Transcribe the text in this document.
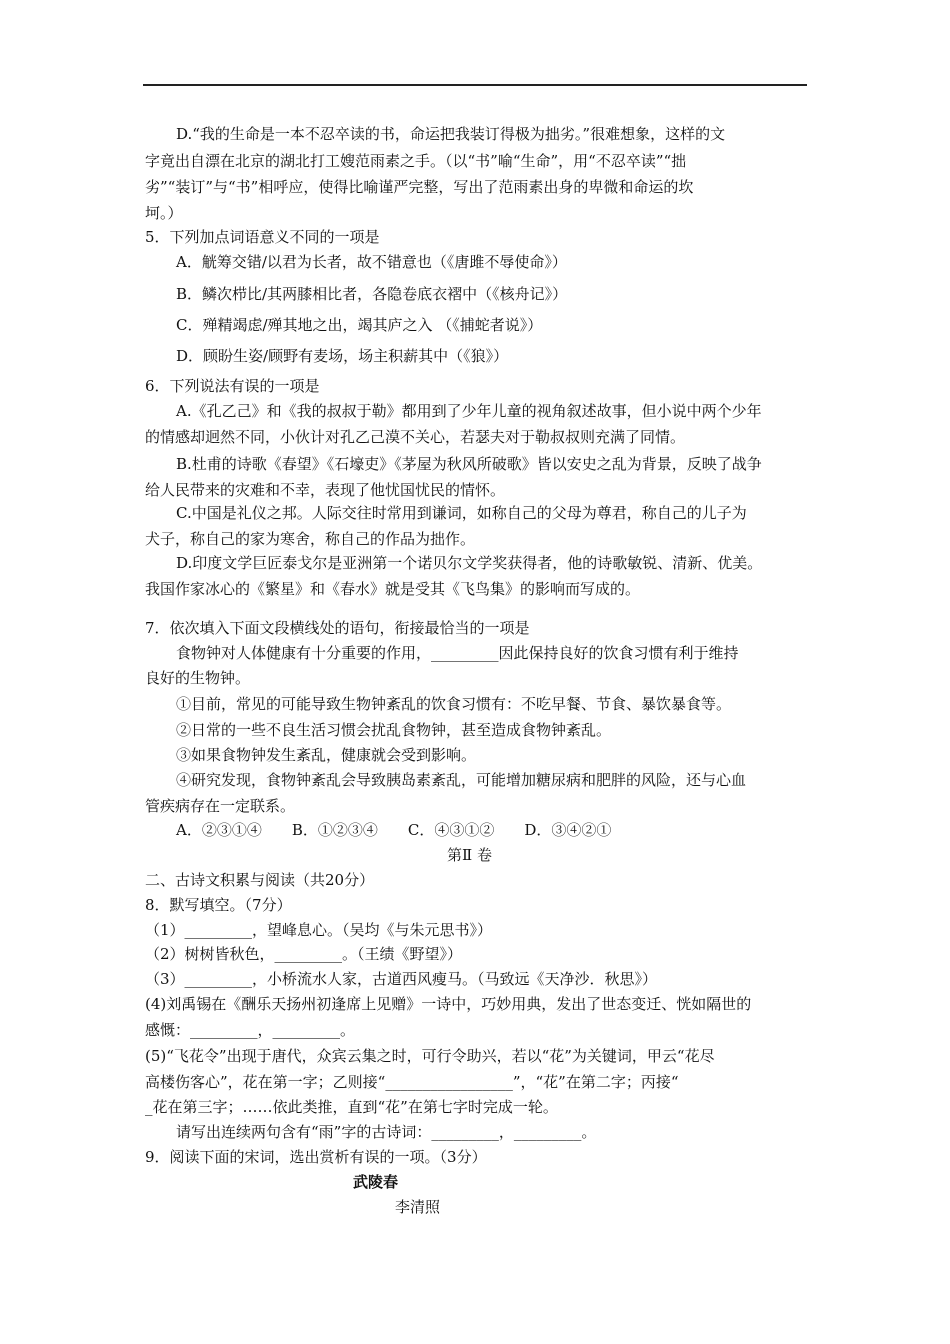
D.“我的生命是一本不忍卒读的书，命运把我装订得极为拙劣。”很难想象，这样的文
字竟出自漂在北京的湖北打工嫂范雨素之手。（以“书”喻“生命”，用“不忍卒读”“拙
劣”“装订”与“书”相呼应，使得比喻谨严完整，写出了范雨素出身的卑微和命运的坎
坷。）
5．下列加点词语意义不同的一项是
A．觥筹交错/以君为长者，故不错意也（《唐雎不辱使命》）
B．鳞次栉比/其两膝相比者，各隐卷底衣褶中（《核舟记》）
C．殚精竭虑/殚其地之出，竭其庐之入 （《捕蛇者说》）
D．顾盼生姿/顾野有麦场，场主积薪其中（《狼》）
6．下列说法有误的一项是
A.《孔乙己》和《我的叔叔于勒》都用到了少年儿童的视角叙述故事，但小说中两个少年
的情感却迥然不同，小伙计对孔乙己漠不关心，若瑟夫对于勒叔叔则充满了同情。
B.杜甫的诗歌《春望》《石壕吏》《茅屋为秋风所破歌》皆以安史之乱为背景，反映了战争
给人民带来的灾难和不幸，表现了他忧国忧民的情怀。
C.中国是礼仪之邦。人际交往时常用到谦词，如称自己的父母为尊君，称自己的儿子为
犬子，称自己的家为寒舍，称自己的作品为拙作。
D.印度文学巨匠泰戈尔是亚洲第一个诺贝尔文学奖获得者，他的诗歌敏锐、清新、优美。
我国作家冰心的《繁星》和《春水》就是受其《飞鸟集》的影响而写成的。
7．依次填入下面文段横线处的语句，衔接最恰当的一项是
食物钟对人体健康有十分重要的作用，_________因此保持良好的饮食习惯有利于维持
良好的生物钟。
①目前，常见的可能导致生物钟紊乱的饮食习惯有：不吃早餐、节食、暴饮暴食等。
②日常的一些不良生活习惯会扰乱食物钟，甚至造成食物钟紊乱。
③如果食物钟发生紊乱，健康就会受到影响。
④研究发现，食物钟紊乱会导致胰岛素紊乱，可能增加糖尿病和肥胖的风险，还与心血
管疾病存在一定联系。
A．②③①④　　B．①②③④　　C．④③①②　　D．③④②①
第Ⅱ 卷
二、古诗文积累与阅读（共20分）
8．默写填空。（7分）
（1）_________，望峰息心。（吴均《与朱元思书》）
（2）树树皆秋色，_________。（王绩《野望》）
（3）_________，小桥流水人家，古道西风瘦马。（马致远《天净沙．秋思》）
(4)刘禹锡在《酬乐天扬州初逢席上见赠》一诗中，巧妙用典，发出了世态变迁、恍如隔世的
感慨：_________，_________。
(5)“飞花令”出现于唐代，众宾云集之时，可行令助兴，若以“花”为关键词，甲云“花尽
高楼伤客心”，花在第一字；乙则接“_________________”，“花”在第二字；丙接“
_花在第三字；……依此类推，直到“花”在第七字时完成一轮。
请写出连续两句含有“雨”字的古诗词：_________，_________。
9．阅读下面的宋词，选出赏析有误的一项。（3分）
武陵春
李清照
